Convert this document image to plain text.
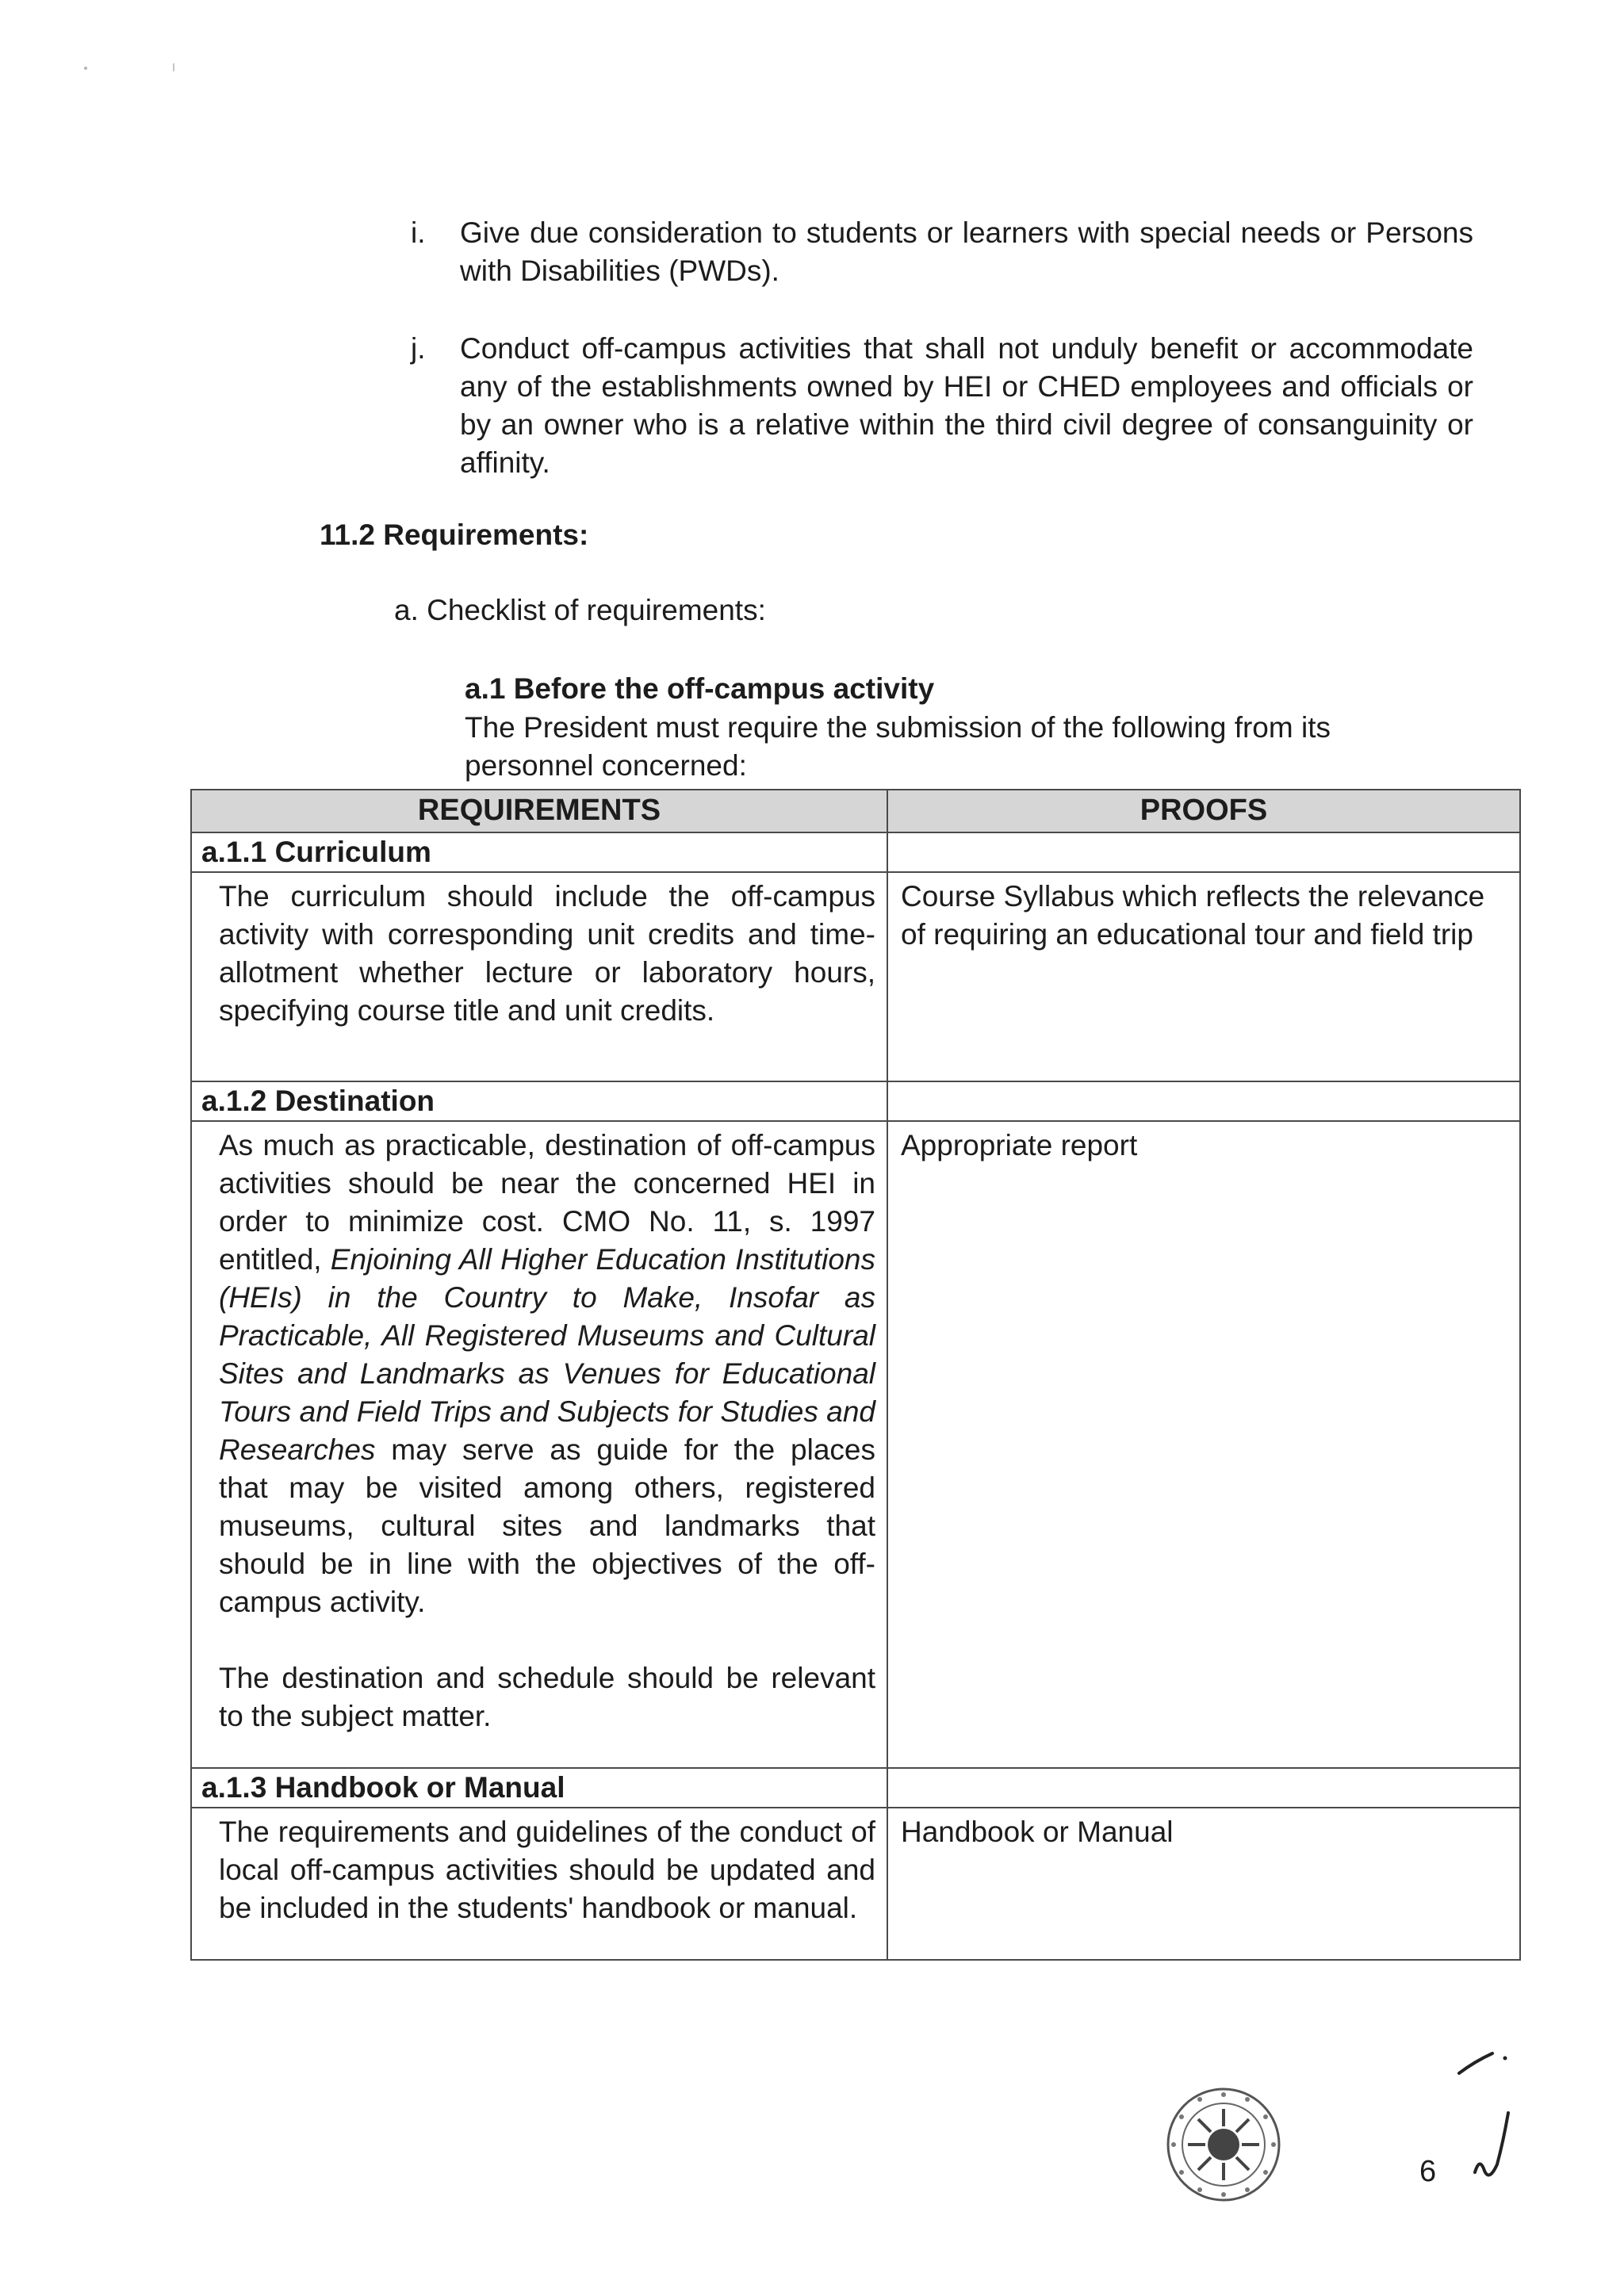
i. Give due consideration to students or learners with special needs or Persons with Disabilities (PWDs).
j. Conduct off-campus activities that shall not unduly benefit or accommodate any of the establishments owned by HEI or CHED employees and officials or by an owner who is a relative within the third civil degree of consanguinity or affinity.
11.2 Requirements:
a. Checklist of requirements:
a.1 Before the off-campus activity
The President must require the submission of the following from its personnel concerned:
REQUIREMENTS	PROOFS
a.1.1 Curriculum	

The curriculum should include the off-campus activity with corresponding unit credits and time-allotment whether lecture or laboratory hours, specifying course title and unit credits.	Course Syllabus which reflects the relevance of requiring an educational tour and field trip
a.1.2 Destination	

As much as practicable, destination of off-campus activities should be near the concerned HEI in order to minimize cost. CMO No. 11, s. 1997 entitled, Enjoining All Higher Education Institutions (HEIs) in the Country to Make, Insofar as Practicable, All Registered Museums and Cultural Sites and Landmarks as Venues for Educational Tours and Field Trips and Subjects for Studies and Researches may serve as guide for the places that may be visited among others, registered museums, cultural sites and landmarks that should be in line with the objectives of the off-campus activity.

The destination and schedule should be relevant to the subject matter.	Appropriate report
a.1.3 Handbook or Manual	

The requirements and guidelines of the conduct of local off-campus activities should be updated and be included in the students' handbook or manual.	Handbook or Manual
6
